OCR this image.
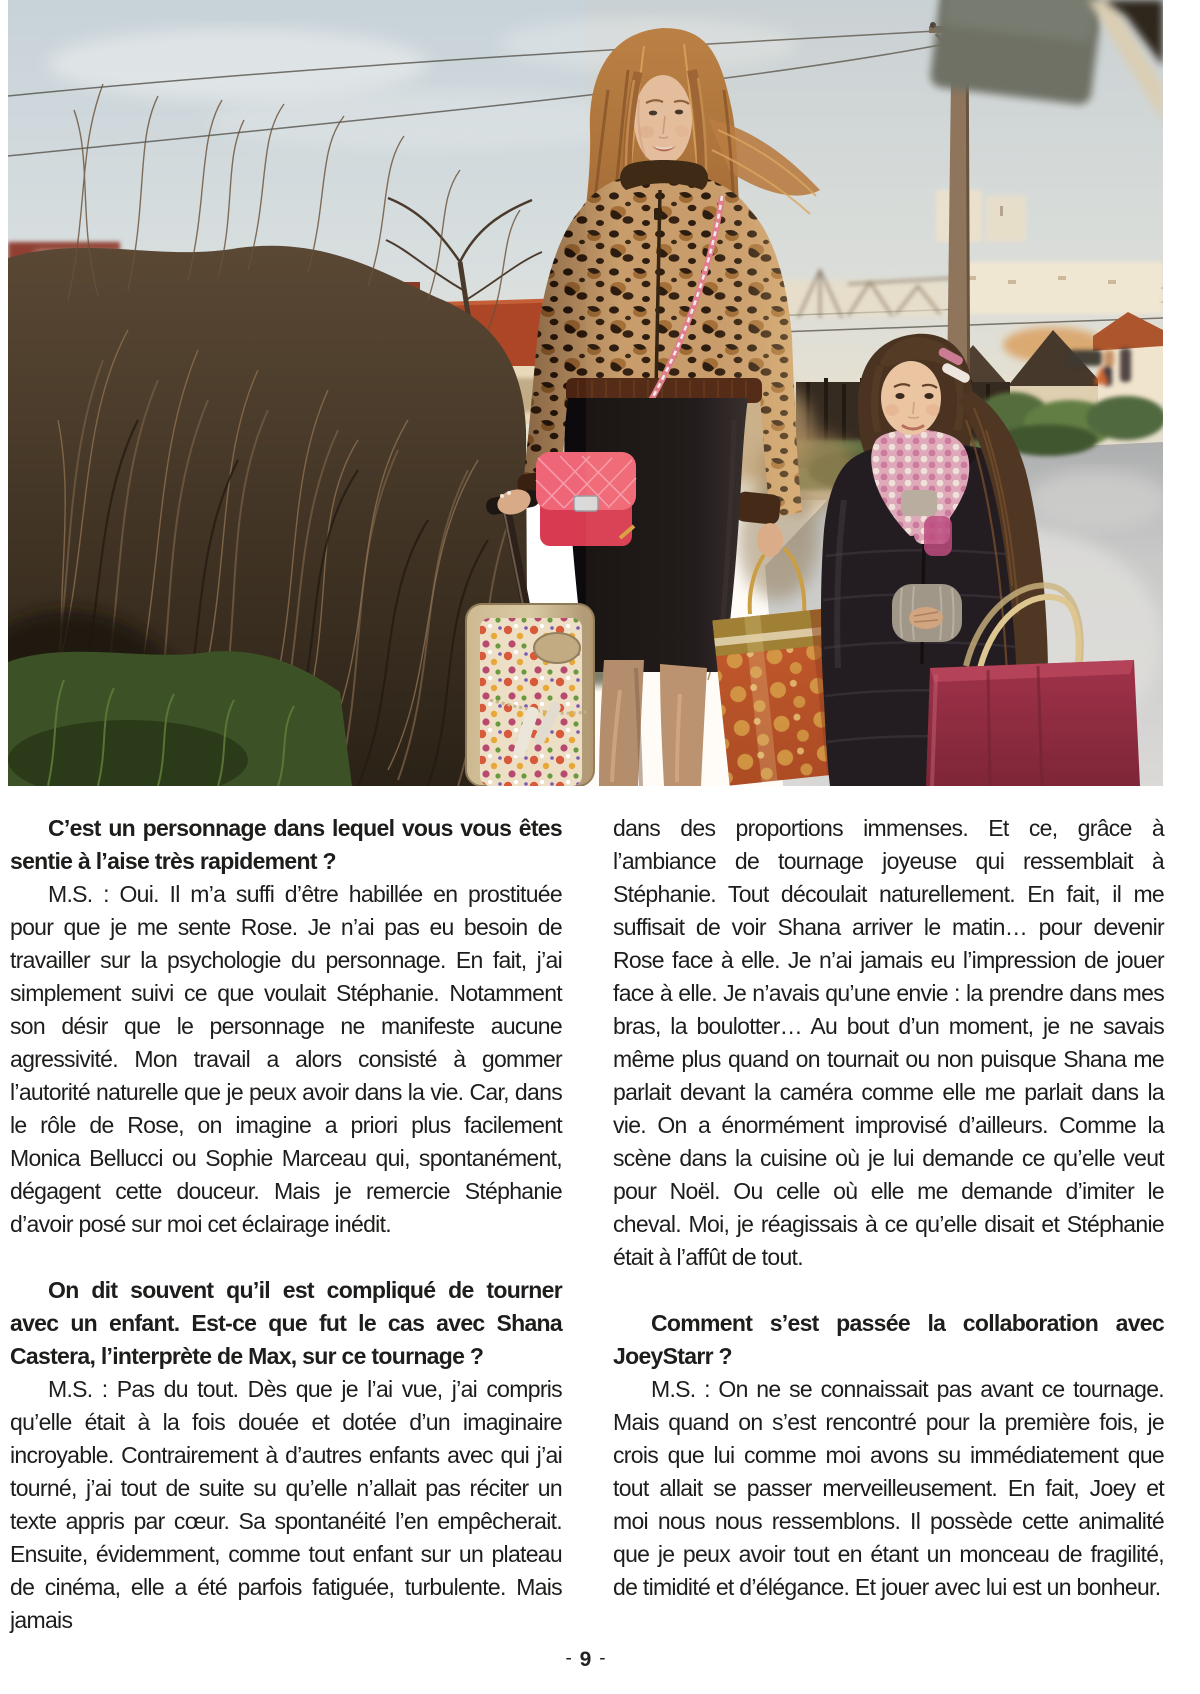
C’est un personnage dans lequel vous vous êtes sentie à l’aise très rapidement ?

M.S. : Oui. Il m’a suffi d’être habillée en prostituée pour que je me sente Rose. Je n’ai pas eu besoin de travailler sur la psychologie du personnage. En fait, j’ai simplement suivi ce que voulait Stéphanie. Notamment son désir que le personnage ne manifeste aucune agressivité. Mon travail a alors consisté à gommer l’autorité naturelle que je peux avoir dans la vie. Car, dans le rôle de Rose, on imagine a priori plus facilement Monica Bellucci ou Sophie Marceau qui, spontanément, dégagent cette douceur. Mais je remercie Stéphanie d’avoir posé sur moi cet éclairage inédit.

On dit souvent qu’il est compliqué de tourner avec un enfant. Est-ce que fut le cas avec Shana Castera, l’interprète de Max, sur ce tournage ?

M.S. : Pas du tout. Dès que je l’ai vue, j’ai compris qu’elle était à la fois douée et dotée d’un imaginaire incroyable. Contrairement à d’autres enfants avec qui j’ai tourné, j’ai tout de suite su qu’elle n’allait pas réciter un texte appris par cœur. Sa spontanéité l’en empêcherait. Ensuite, évidemment, comme tout enfant sur un plateau de cinéma, elle a été parfois fatiguée, turbulente. Mais jamais

dans des proportions immenses. Et ce, grâce à l’ambiance de tournage joyeuse qui ressemblait à Stéphanie. Tout découlait naturellement. En fait, il me suffisait de voir Shana arriver le matin… pour devenir Rose face à elle. Je n’ai jamais eu l’impression de jouer face à elle. Je n’avais qu’une envie : la prendre dans mes bras, la boulotter… Au bout d’un moment, je ne savais même plus quand on tournait ou non puisque Shana me parlait devant la caméra comme elle me parlait dans la vie. On a énormément improvisé d’ailleurs. Comme la scène dans la cuisine où je lui demande ce qu’elle veut pour Noël. Ou celle où elle me demande d’imiter le cheval. Moi, je réagissais à ce qu’elle disait et Stéphanie était à l’affût de tout.

Comment s’est passée la collaboration avec JoeyStarr ?

M.S. : On ne se connaissait pas avant ce tournage. Mais quand on s’est rencontré pour la première fois, je crois que lui comme moi avons su immédiatement que tout allait se passer merveilleusement. En fait, Joey et moi nous nous ressemblons. Il possède cette animalité que je peux avoir tout en étant un monceau de fragilité, de timidité et d’élégance. Et jouer avec lui est un bonheur.

- 9 -
